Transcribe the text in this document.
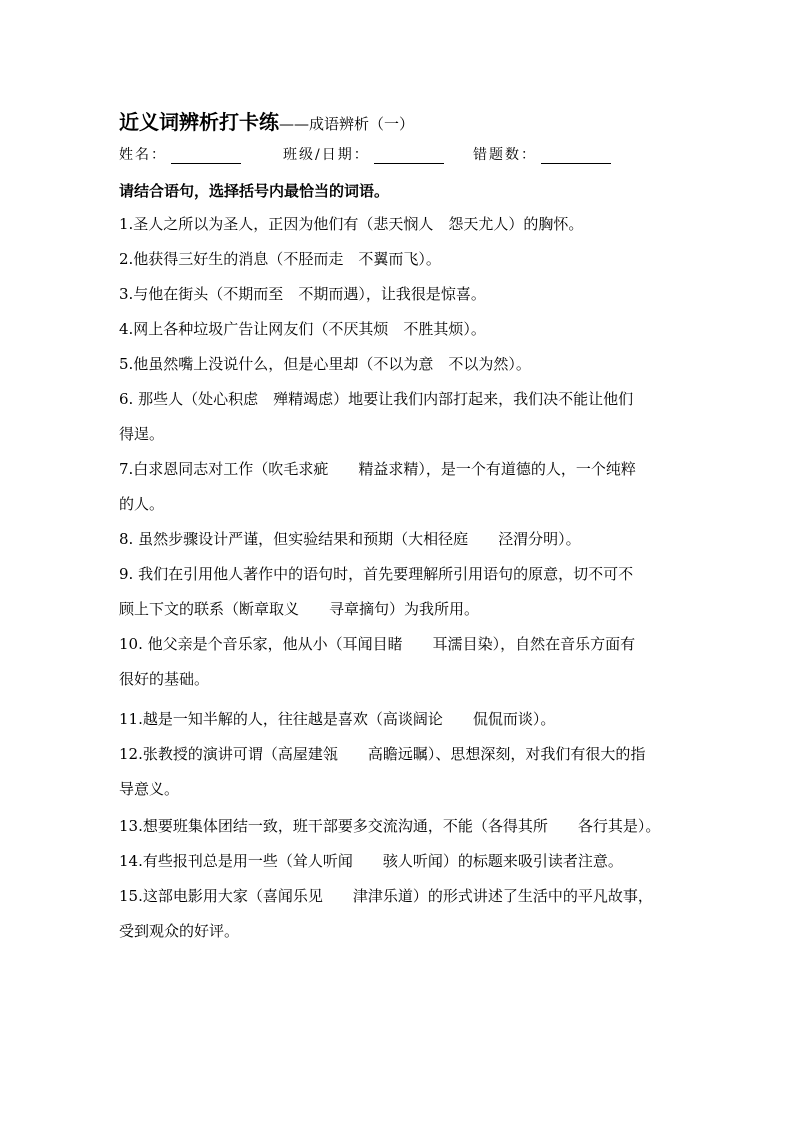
近义词辨析打卡练——成语辨析（一）
姓名：	班级/日期：	错题数：
请结合语句，选择括号内最恰当的词语。
1.圣人之所以为圣人，正因为他们有（悲天悯人　怨天尤人）的胸怀。
2.他获得三好生的消息（不胫而走　不翼而飞）。
3.与他在街头（不期而至　不期而遇），让我很是惊喜。
4.网上各种垃圾广告让网友们（不厌其烦　不胜其烦）。
5.他虽然嘴上没说什么，但是心里却（不以为意　不以为然）。
6. 那些人（处心积虑　殚精竭虑）地要让我们内部打起来，我们决不能让他们
得逞。
7.白求恩同志对工作（吹毛求疵　　精益求精），是一个有道德的人，一个纯粹
的人。
8. 虽然步骤设计严谨，但实验结果和预期（大相径庭　　泾渭分明）。
9. 我们在引用他人著作中的语句时，首先要理解所引用语句的原意，切不可不
顾上下文的联系（断章取义　　寻章摘句）为我所用。
10. 他父亲是个音乐家，他从小（耳闻目睹　　耳濡目染），自然在音乐方面有
很好的基础。
11.越是一知半解的人，往往越是喜欢（高谈阔论　　侃侃而谈）。
12.张教授的演讲可谓（高屋建瓴　　高瞻远瞩）、思想深刻，对我们有很大的指
导意义。
13.想要班集体团结一致，班干部要多交流沟通，不能（各得其所　　各行其是）。
14.有些报刊总是用一些（耸人听闻　　骇人听闻）的标题来吸引读者注意。
15.这部电影用大家（喜闻乐见　　津津乐道）的形式讲述了生活中的平凡故事，
受到观众的好评。
